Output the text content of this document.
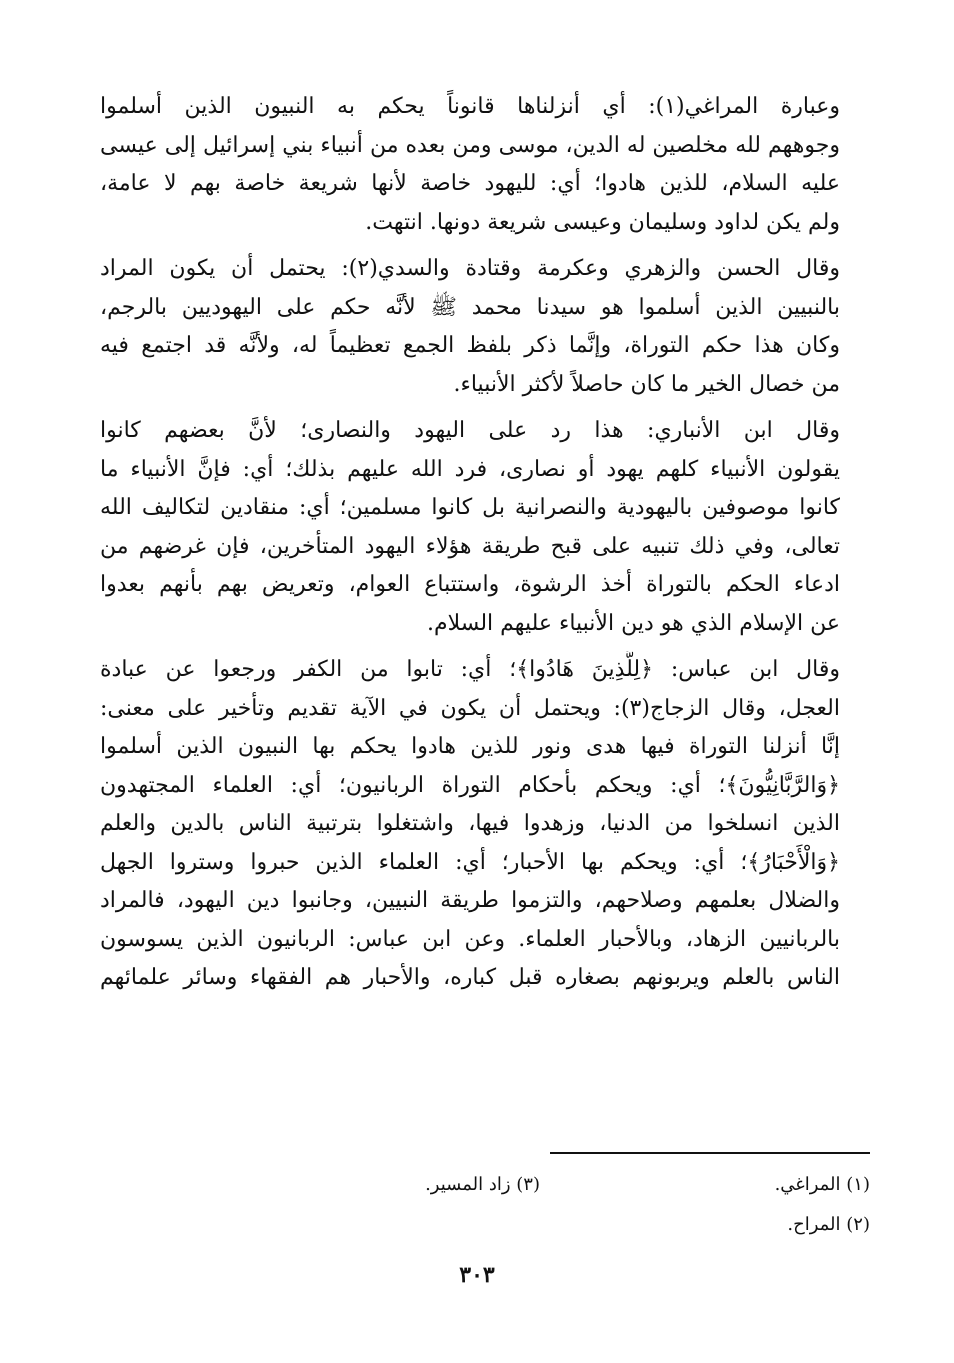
وعبارة المراغي(١): أي أنزلناها قانوناً يحكم به النبيون الذين أسلموا
وجوههم لله مخلصين له الدين، موسى ومن بعده من أنبياء بني إسرائيل إلى عيسى
عليه السلام، للذين هادوا؛ أي: لليهود خاصة لأنها شريعة خاصة بهم لا عامة،
ولم يكن لداود وسليمان وعيسى شريعة دونها. انتهت.

وقال الحسن والزهري وعكرمة وقتادة والسدي(٢): يحتمل أن يكون المراد
بالنبيين الذين أسلموا هو سيدنا محمد ﷺ لأنَّه حكم على اليهوديين بالرجم،
وكان هذا حكم التوراة، وإنَّما ذكر بلفظ الجمع تعظيماً له، ولأنَّه قد اجتمع فيه
من خصال الخير ما كان حاصلاً لأكثر الأنبياء.

وقال ابن الأنباري: هذا رد على اليهود والنصارى؛ لأنَّ بعضهم كانوا
يقولون الأنبياء كلهم يهود أو نصارى، فرد الله عليهم بذلك؛ أي: فإنَّ الأنبياء ما
كانوا موصوفين باليهودية والنصرانية بل كانوا مسلمين؛ أي: منقادين لتكاليف الله
تعالى، وفي ذلك تنبيه على قبح طريقة هؤلاء اليهود المتأخرين، فإن غرضهم من
ادعاء الحكم بالتوراة أخذ الرشوة، واستتباع العوام، وتعريض بهم بأنهم بعدوا
عن الإسلام الذي هو دين الأنبياء عليهم السلام.

وقال ابن عباس: ﴿لِلَّذِينَ هَادُوا﴾؛ أي: تابوا من الكفر ورجعوا عن عبادة
العجل، وقال الزجاج(٣): ويحتمل أن يكون في الآية تقديم وتأخير على معنى:
إنَّا أنزلنا التوراة فيها هدى ونور للذين هادوا يحكم بها النبيون الذين أسلموا
﴿وَالرَّبَّانِيُّونَ﴾؛ أي: ويحكم بأحكام التوراة الربانيون؛ أي: العلماء المجتهدون
الذين انسلخوا من الدنيا، وزهدوا فيها، واشتغلوا بترتبية الناس بالدين والعلم
﴿وَالْأَحْبَارُ﴾؛ أي: ويحكم بها الأحبار؛ أي: العلماء الذين حبروا وستروا الجهل
والضلال بعلمهم وصلاحهم، والتزموا طريقة النبيين، وجانبوا دين اليهود، فالمراد
بالربانيين الزهاد، وبالأحبار العلماء. وعن ابن عباس: الربانيون الذين يسوسون
الناس بالعلم ويربونهم بصغاره قبل كباره، والأحبار هم الفقهاء وسائر علمائهم

(١) المراغي.
(٣) زاد المسير.
(٢) المراح.
٣٠٣
